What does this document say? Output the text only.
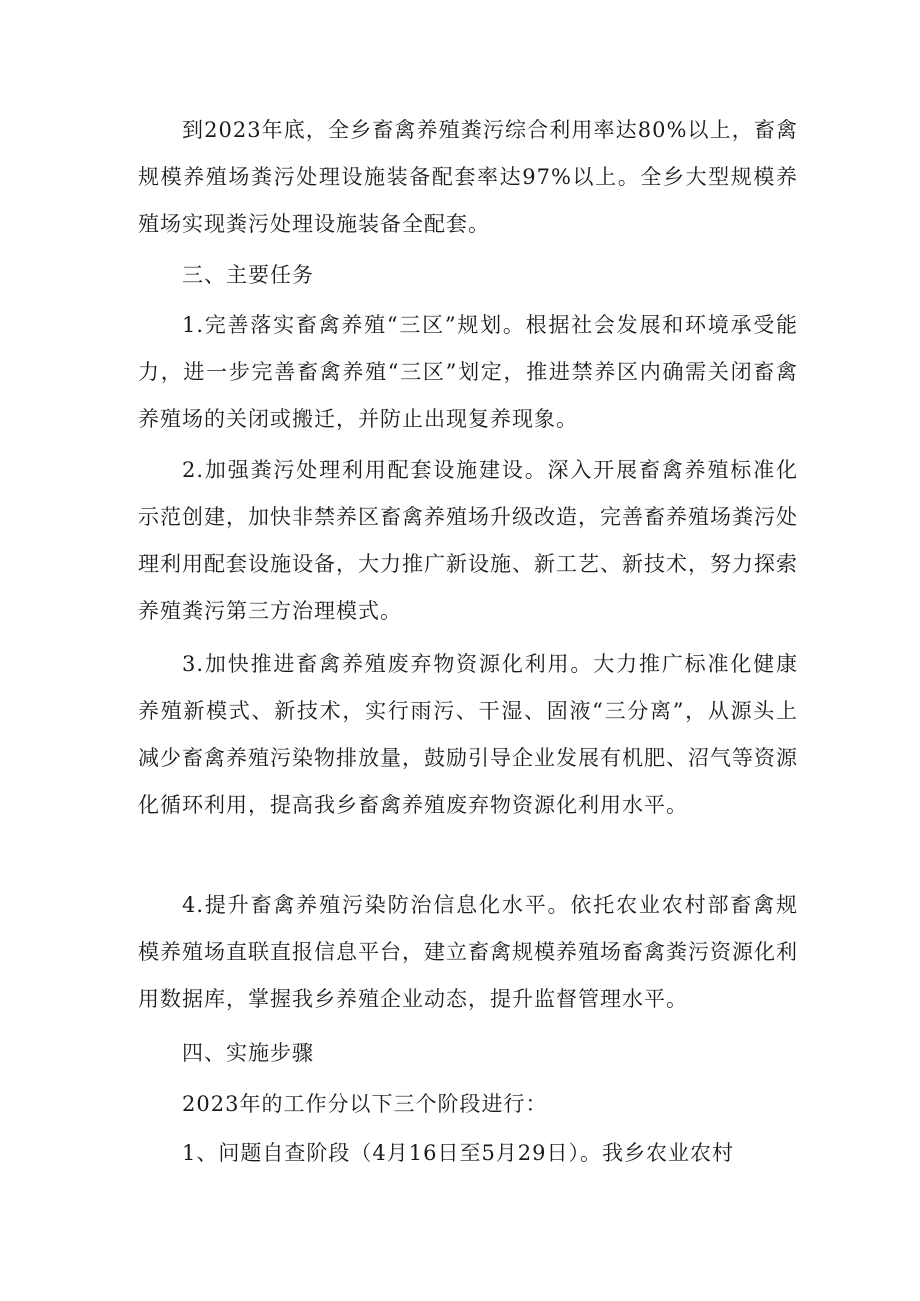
到2023年底，全乡畜禽养殖粪污综合利用率达80%以上，畜禽规模养殖场粪污处理设施装备配套率达97%以上。全乡大型规模养殖场实现粪污处理设施装备全配套。

三、主要任务

1.完善落实畜禽养殖“三区”规划。根据社会发展和环境承受能力，进一步完善畜禽养殖“三区”划定，推进禁养区内确需关闭畜禽养殖场的关闭或搬迁，并防止出现复养现象。

2.加强粪污处理利用配套设施建设。深入开展畜禽养殖标准化示范创建，加快非禁养区畜禽养殖场升级改造，完善畜养殖场粪污处理利用配套设施设备，大力推广新设施、新工艺、新技术，努力探索养殖粪污第三方治理模式。

3.加快推进畜禽养殖废弃物资源化利用。大力推广标准化健康养殖新模式、新技术，实行雨污、干湿、固液“三分离”，从源头上减少畜禽养殖污染物排放量，鼓励引导企业发展有机肥、沼气等资源化循环利用，提高我乡畜禽养殖废弃物资源化利用水平。

4.提升畜禽养殖污染防治信息化水平。依托农业农村部畜禽规模养殖场直联直报信息平台，建立畜禽规模养殖场畜禽粪污资源化利用数据库，掌握我乡养殖企业动态，提升监督管理水平。

四、实施步骤

2023年的工作分以下三个阶段进行：

1、问题自查阶段（4月16日至5月29日）。我乡农业农村
